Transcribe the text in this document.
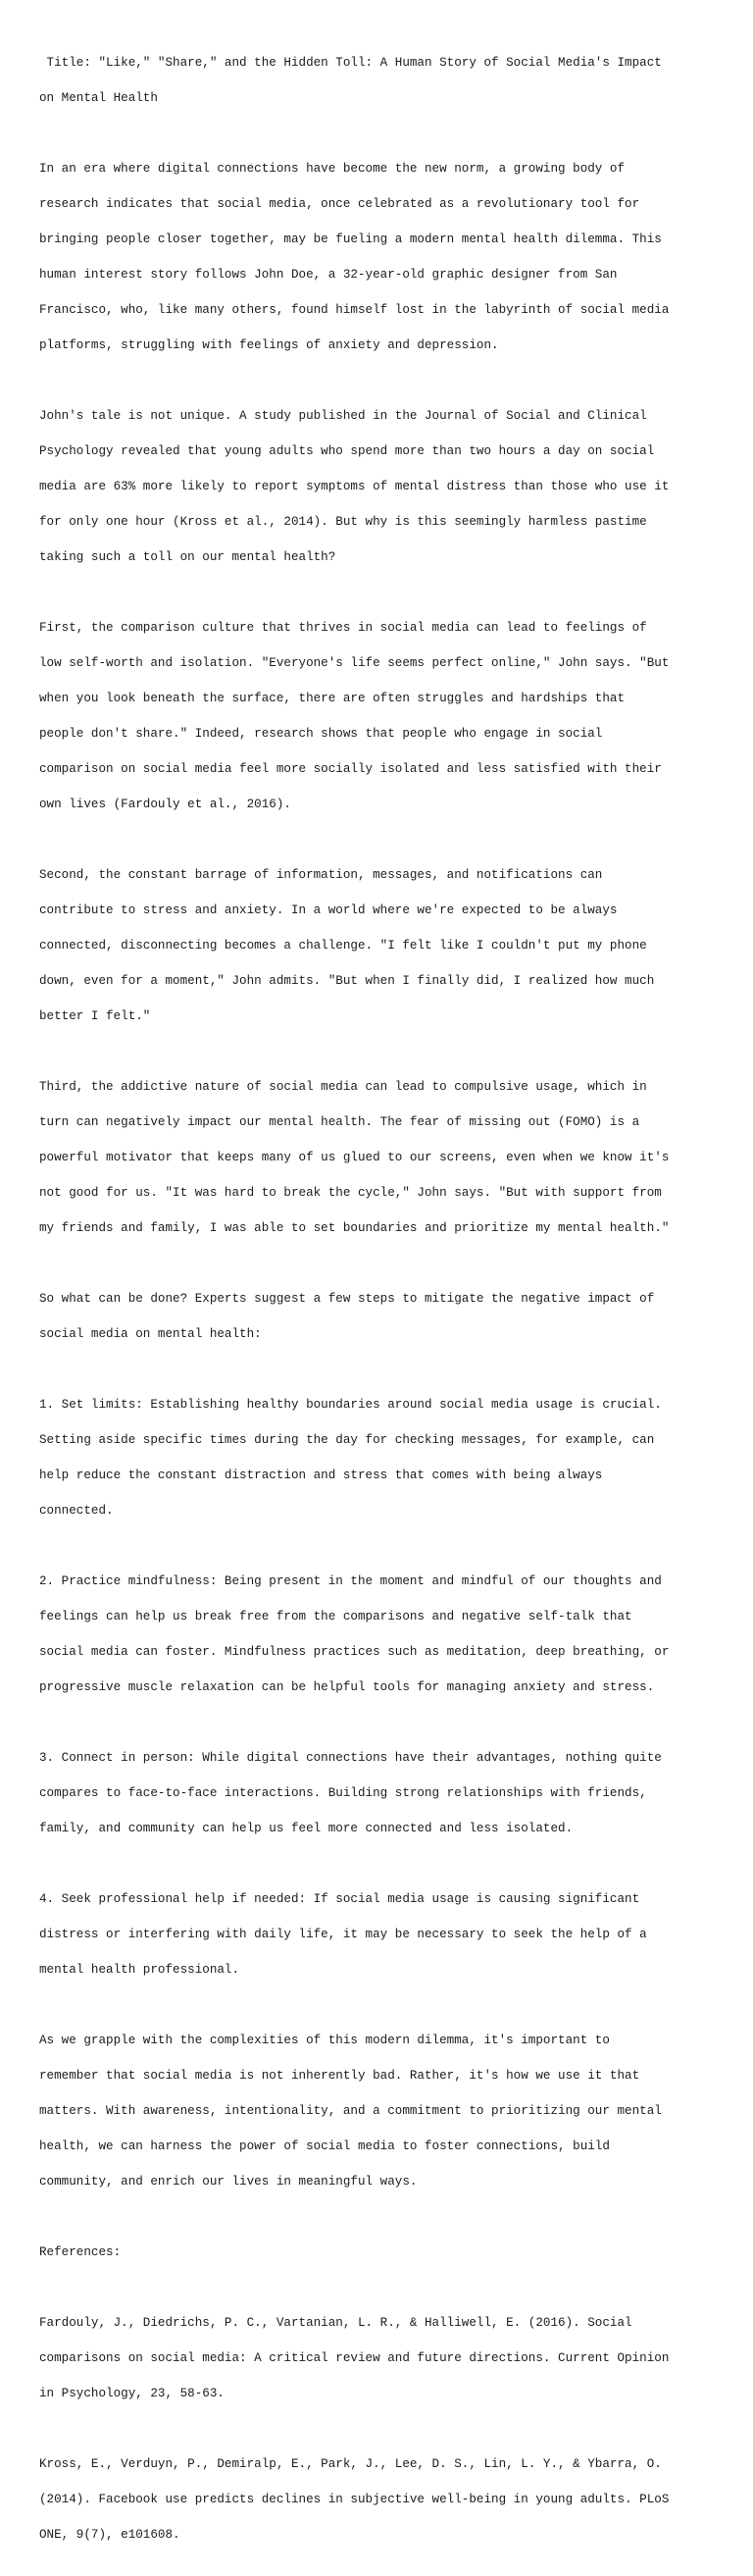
Title: "Like," "Share," and the Hidden Toll: A Human Story of Social Media's Impact

on Mental Health

In an era where digital connections have become the new norm, a growing body of

research indicates that social media, once celebrated as a revolutionary tool for

bringing people closer together, may be fueling a modern mental health dilemma. This

human interest story follows John Doe, a 32-year-old graphic designer from San

Francisco, who, like many others, found himself lost in the labyrinth of social media

platforms, struggling with feelings of anxiety and depression.

John's tale is not unique. A study published in the Journal of Social and Clinical

Psychology revealed that young adults who spend more than two hours a day on social

media are 63% more likely to report symptoms of mental distress than those who use it

for only one hour (Kross et al., 2014). But why is this seemingly harmless pastime

taking such a toll on our mental health?

First, the comparison culture that thrives in social media can lead to feelings of

low self-worth and isolation. "Everyone's life seems perfect online," John says. "But

when you look beneath the surface, there are often struggles and hardships that

people don't share." Indeed, research shows that people who engage in social

comparison on social media feel more socially isolated and less satisfied with their

own lives (Fardouly et al., 2016).

Second, the constant barrage of information, messages, and notifications can

contribute to stress and anxiety. In a world where we're expected to be always

connected, disconnecting becomes a challenge. "I felt like I couldn't put my phone

down, even for a moment," John admits. "But when I finally did, I realized how much

better I felt."

Third, the addictive nature of social media can lead to compulsive usage, which in

turn can negatively impact our mental health. The fear of missing out (FOMO) is a

powerful motivator that keeps many of us glued to our screens, even when we know it's

not good for us. "It was hard to break the cycle," John says. "But with support from

my friends and family, I was able to set boundaries and prioritize my mental health."

So what can be done? Experts suggest a few steps to mitigate the negative impact of

social media on mental health:

1. Set limits: Establishing healthy boundaries around social media usage is crucial.

Setting aside specific times during the day for checking messages, for example, can

help reduce the constant distraction and stress that comes with being always

connected.

2. Practice mindfulness: Being present in the moment and mindful of our thoughts and

feelings can help us break free from the comparisons and negative self-talk that

social media can foster. Mindfulness practices such as meditation, deep breathing, or

progressive muscle relaxation can be helpful tools for managing anxiety and stress.

3. Connect in person: While digital connections have their advantages, nothing quite

compares to face-to-face interactions. Building strong relationships with friends,

family, and community can help us feel more connected and less isolated.

4. Seek professional help if needed: If social media usage is causing significant

distress or interfering with daily life, it may be necessary to seek the help of a

mental health professional.

As we grapple with the complexities of this modern dilemma, it's important to

remember that social media is not inherently bad. Rather, it's how we use it that

matters. With awareness, intentionality, and a commitment to prioritizing our mental

health, we can harness the power of social media to foster connections, build

community, and enrich our lives in meaningful ways.

References:

Fardouly, J., Diedrichs, P. C., Vartanian, L. R., & Halliwell, E. (2016). Social

comparisons on social media: A critical review and future directions. Current Opinion

in Psychology, 23, 58-63.

Kross, E., Verduyn, P., Demiralp, E., Park, J., Lee, D. S., Lin, L. Y., & Ybarra, O.

(2014). Facebook use predicts declines in subjective well-being in young adults. PLoS

ONE, 9(7), e101608.
